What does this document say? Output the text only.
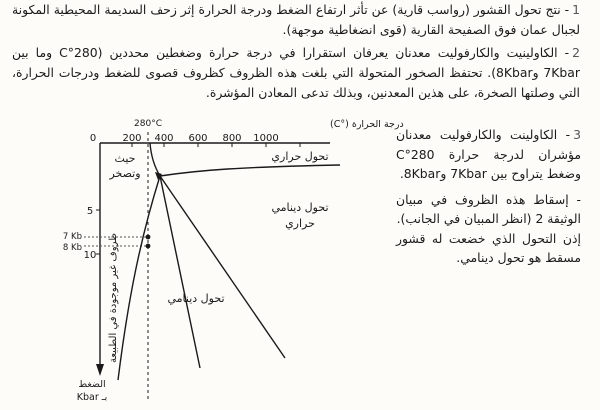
1- نتج تحول القشور (رواسب قارية) عن تأثر ارتفاع الضغط ودرجة الحرارة إثر زحف السديمة المحيطية المكونة لجبال عمان فوق الصفيحة القارية (قوى انضغاطية موجهة).
2- الكاولينيت والكارفوليت معدنان يعرفان استقرارا في درجة حرارة وضغطين محددين (280°C وما بين 7Kbar و8Kbar). تحتفظ الصخور المتحولة التي بلغت هذه الظروف كظروف قصوى للضغط ودرجات الحرارة، التي وصلتها الصخرة، على هذين المعدنين، وبذلك تدعى المعادن المؤشرة.

3- الكاولينت والكارفوليت معدنان مؤشران لدرجة حرارة 280°C وضغط يتراوح بين 7Kbar و8Kbar.

- إسقاط هذه الظروف في مبيان الوثيقة 2 (انظر المبيان في الجانب).

إذن التحول الذي خضعت له قشور مسقط هو تحول دينامي.

0	200 400 600 800 1000
درجة الحرارة (°C)
280°C
5
10
الضغط
بـ Kbar
7 Kb
8 Kb
حيث
وتصخر
تحول حراري
تحول دينامي
حراري
تحول دينامي
ظروف غير موجودة في الطبيعة
